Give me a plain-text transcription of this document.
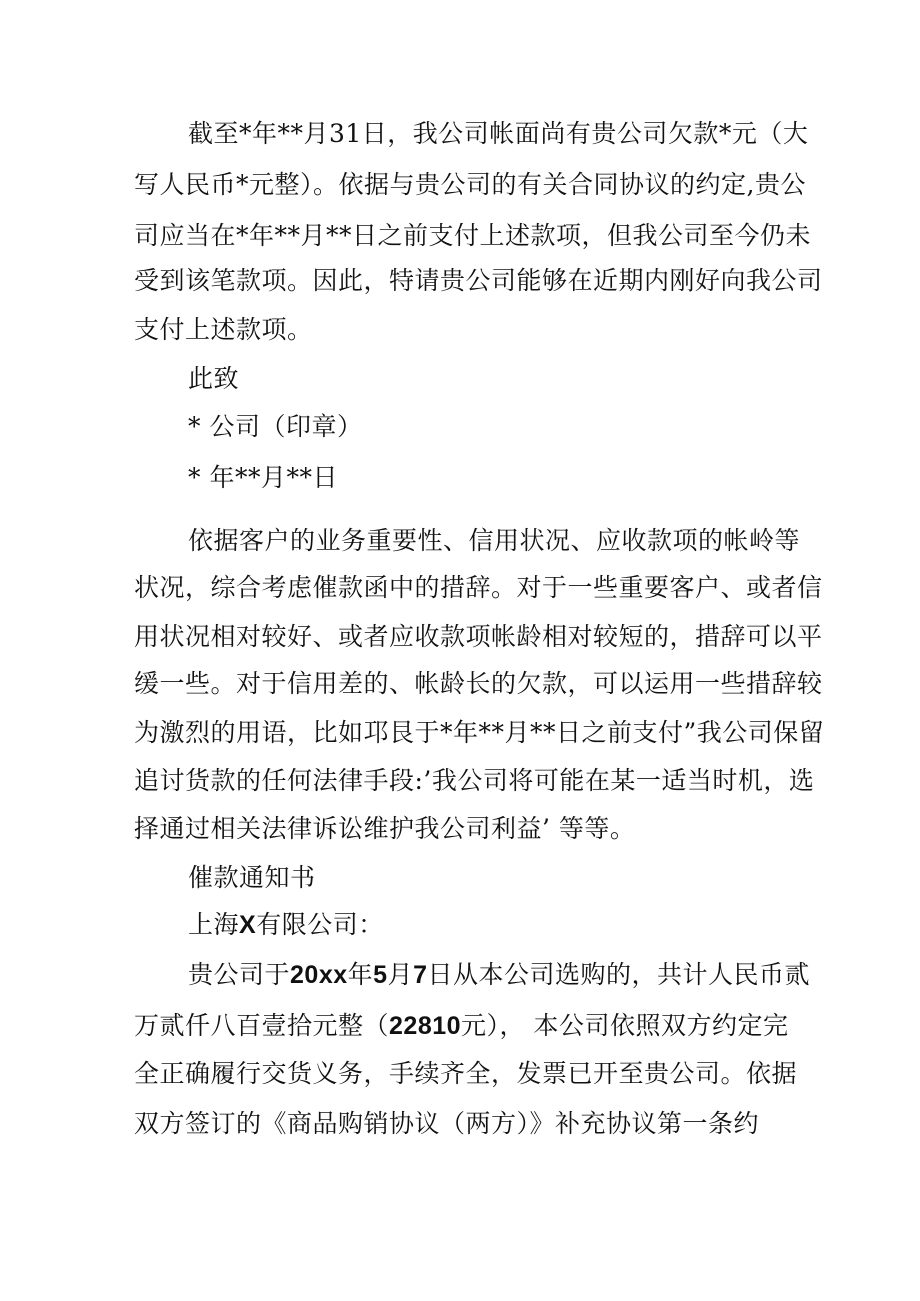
截至*年**月31日，我公司帐面尚有贵公司欠款*元（大
写人民币*元整）。依据与贵公司的有关合同协议的约定,贵公
司应当在*年**月**日之前支付上述款项，但我公司至今仍未
受到该笔款项。因此，特请贵公司能够在近期内刚好向我公司
支付上述款项。
此致
* 公司（印章）
* 年**月**日
依据客户的业务重要性、信用状况、应收款项的帐岭等
状况，综合考虑催款函中的措辞。对于一些重要客户、或者信
用状况相对较好、或者应收款项帐龄相对较短的，措辞可以平
缓一些。对于信用差的、帐龄长的欠款，可以运用一些措辞较
为激烈的用语，比如邛艮于*年**月**日之前支付”我公司保留
追讨货款的任何法律手段:’我公司将可能在某一适当时机，选
择通过相关法律诉讼维护我公司利益’ 等等。
催款通知书
上海X有限公司：
贵公司于20xx年5月7日从本公司选购的，共计人民币贰
万贰仟八百壹拾元整（22810元）， 本公司依照双方约定完
全正确履行交货义务，手续齐全，发票已开至贵公司。依据
双方签订的《商品购销协议（两方）》补充协议第一条约
